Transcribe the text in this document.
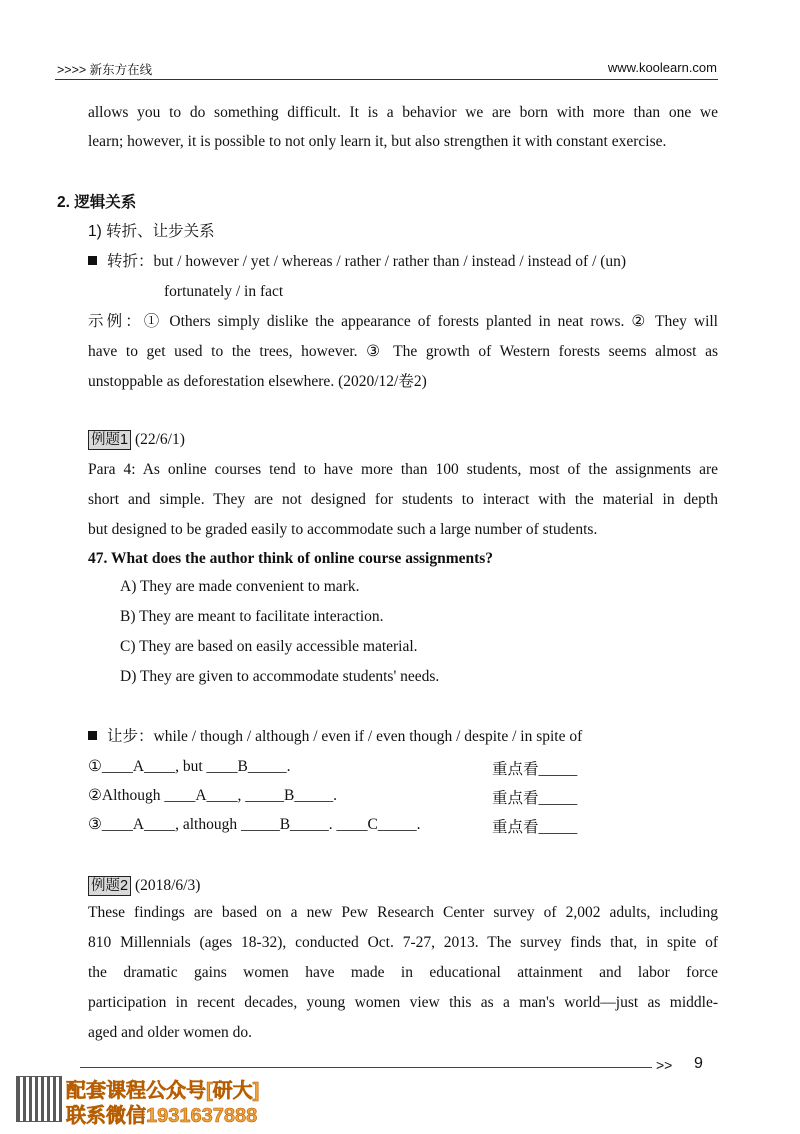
>>>> 新东方在线	www.koolearn.com
allows you to do something difficult. It is a behavior we are born with more than one we
learn; however, it is possible to not only learn it, but also strengthen it with constant exercise.
2. 逻辑关系
1) 转折、让步关系
转折：but / however / yet / whereas / rather / rather than / instead / instead of / (un)
fortunately / in fact
示例：① Others simply dislike the appearance of forests planted in neat rows. ② They will
have to get used to the trees, however. ③ The growth of Western forests seems almost as
unstoppable as deforestation elsewhere. (2020/12/卷2)
例题1 (22/6/1)
Para 4: As online courses tend to have more than 100 students, most of the assignments are
short and simple. They are not designed for students to interact with the material in depth
but designed to be graded easily to accommodate such a large number of students.
47. What does the author think of online course assignments?
A) They are made convenient to mark.
B) They are meant to facilitate interaction.
C) They are based on easily accessible material.
D) They are given to accommodate students' needs.
让步：while / though / although / even if / even though / despite / in spite of
①____A____, but ____B_____.
②Although ____A____, _____B_____.
③____A____, although _____B_____. ____C_____.
重点看_____
重点看_____
重点看_____
例题2 (2018/6/3)
These findings are based on a new Pew Research Center survey of 2,002 adults, including
810 Millennials (ages 18-32), conducted Oct. 7-27, 2013. The survey finds that, in spite of
the dramatic gains women have made in educational attainment and labor force
participation in recent decades, young women view this as a man's world—just as middle-
aged and older women do.
>> 9
配套课程公众号[研大]
联系微信1931637888
